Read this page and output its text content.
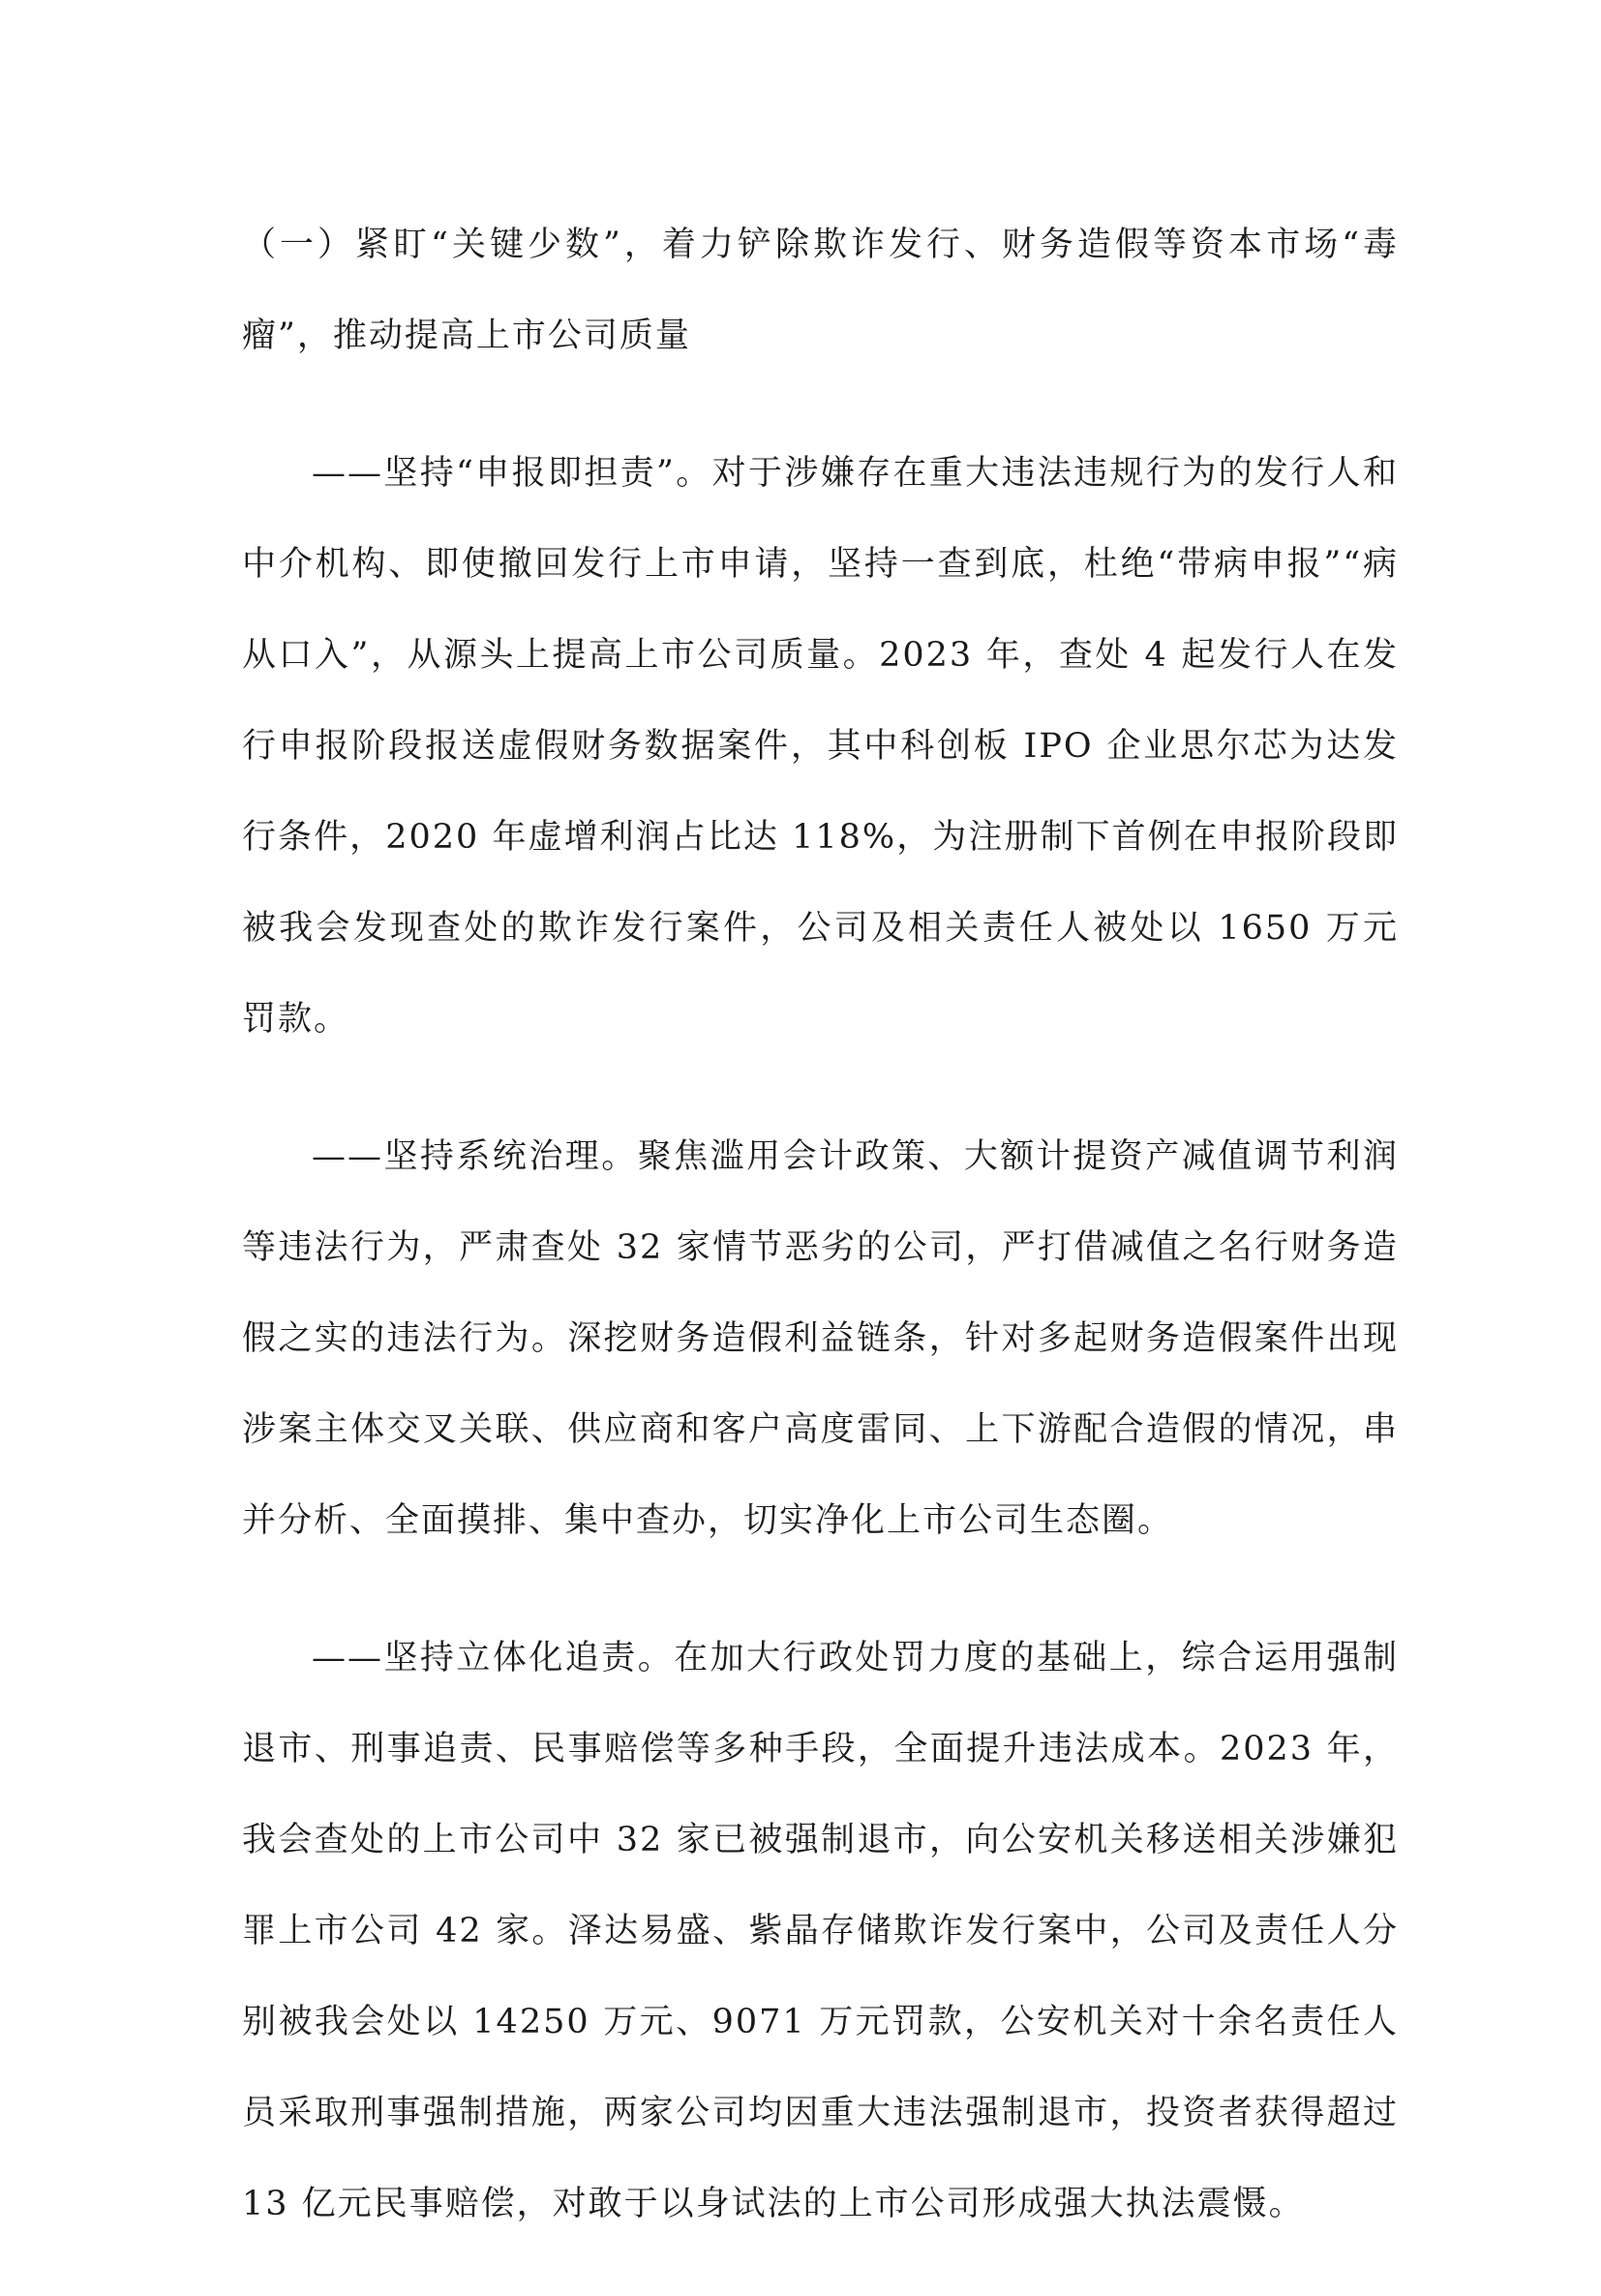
（一）紧盯“关键少数”，着力铲除欺诈发行、财务造假等资本市场“毒瘤”，推动提高上市公司质量

——坚持“申报即担责”。对于涉嫌存在重大违法违规行为的发行人和中介机构、即使撤回发行上市申请，坚持一查到底，杜绝“带病申报”“病从口入”，从源头上提高上市公司质量。2023 年，查处 4 起发行人在发行申报阶段报送虚假财务数据案件，其中科创板 IPO 企业思尔芯为达发行条件，2020 年虚增利润占比达 118%，为注册制下首例在申报阶段即被我会发现查处的欺诈发行案件，公司及相关责任人被处以 1650 万元罚款。

——坚持系统治理。聚焦滥用会计政策、大额计提资产减值调节利润等违法行为，严肃查处 32 家情节恶劣的公司，严打借减值之名行财务造假之实的违法行为。深挖财务造假利益链条，针对多起财务造假案件出现涉案主体交叉关联、供应商和客户高度雷同、上下游配合造假的情况，串并分析、全面摸排、集中查办，切实净化上市公司生态圈。

——坚持立体化追责。在加大行政处罚力度的基础上，综合运用强制退市、刑事追责、民事赔偿等多种手段，全面提升违法成本。2023 年，我会查处的上市公司中 32 家已被强制退市，向公安机关移送相关涉嫌犯罪上市公司 42 家。泽达易盛、紫晶存储欺诈发行案中，公司及责任人分别被我会处以 14250 万元、9071 万元罚款，公安机关对十余名责任人员采取刑事强制措施，两家公司均因重大违法强制退市，投资者获得超过 13 亿元民事赔偿，对敢于以身试法的上市公司形成强大执法震慑。
